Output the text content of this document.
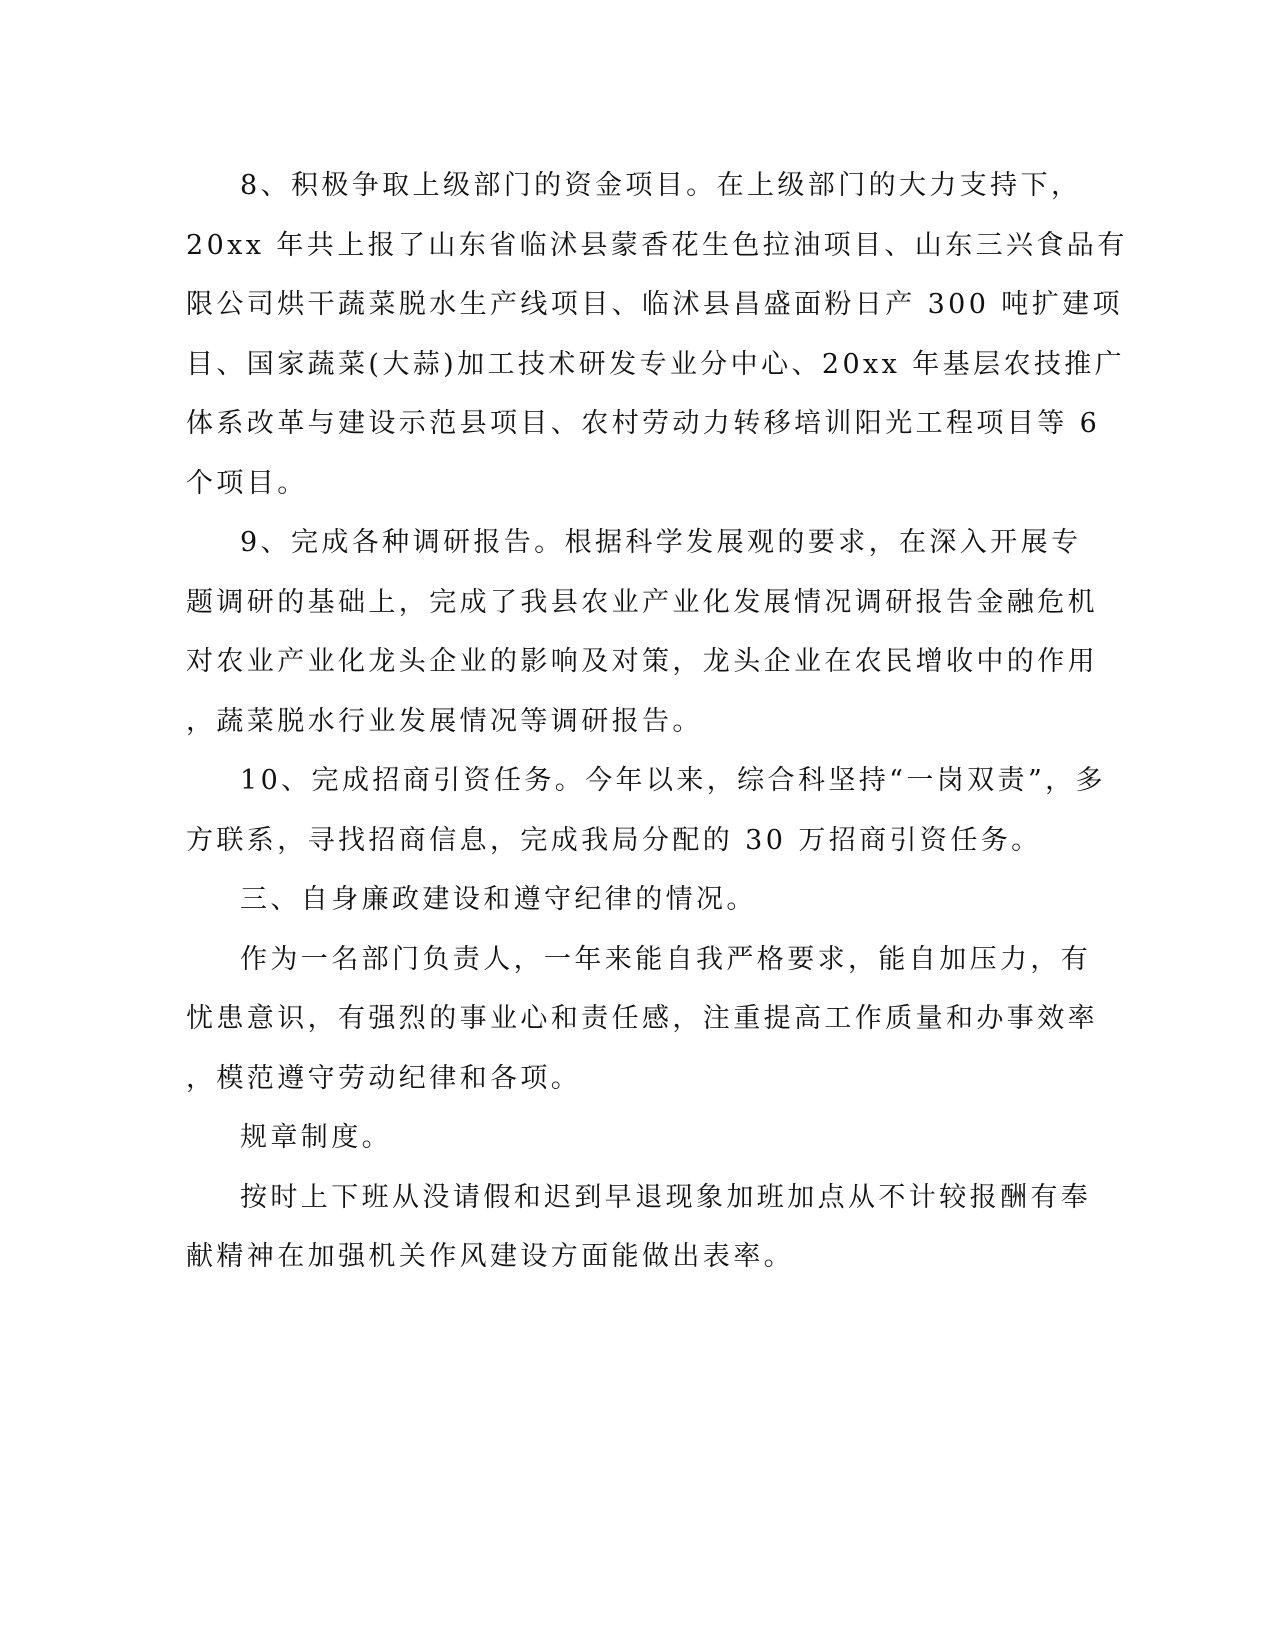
8、积极争取上级部门的资金项目。在上级部门的大力支持下，
20xx 年共上报了山东省临沭县蒙香花生色拉油项目、山东三兴食品有
限公司烘干蔬菜脱水生产线项目、临沭县昌盛面粉日产 300 吨扩建项
目、国家蔬菜(大蒜)加工技术研发专业分中心、20xx 年基层农技推广
体系改革与建设示范县项目、农村劳动力转移培训阳光工程项目等 6
个项目。

9、完成各种调研报告。根据科学发展观的要求，在深入开展专
题调研的基础上，完成了我县农业产业化发展情况调研报告金融危机
对农业产业化龙头企业的影响及对策，龙头企业在农民增收中的作用
，蔬菜脱水行业发展情况等调研报告。

10、完成招商引资任务。今年以来，综合科坚持“一岗双责”，多
方联系，寻找招商信息，完成我局分配的 30 万招商引资任务。

三、自身廉政建设和遵守纪律的情况。

作为一名部门负责人，一年来能自我严格要求，能自加压力，有
忧患意识，有强烈的事业心和责任感，注重提高工作质量和办事效率
，模范遵守劳动纪律和各项。

规章制度。

按时上下班从没请假和迟到早退现象加班加点从不计较报酬有奉
献精神在加强机关作风建设方面能做出表率。
